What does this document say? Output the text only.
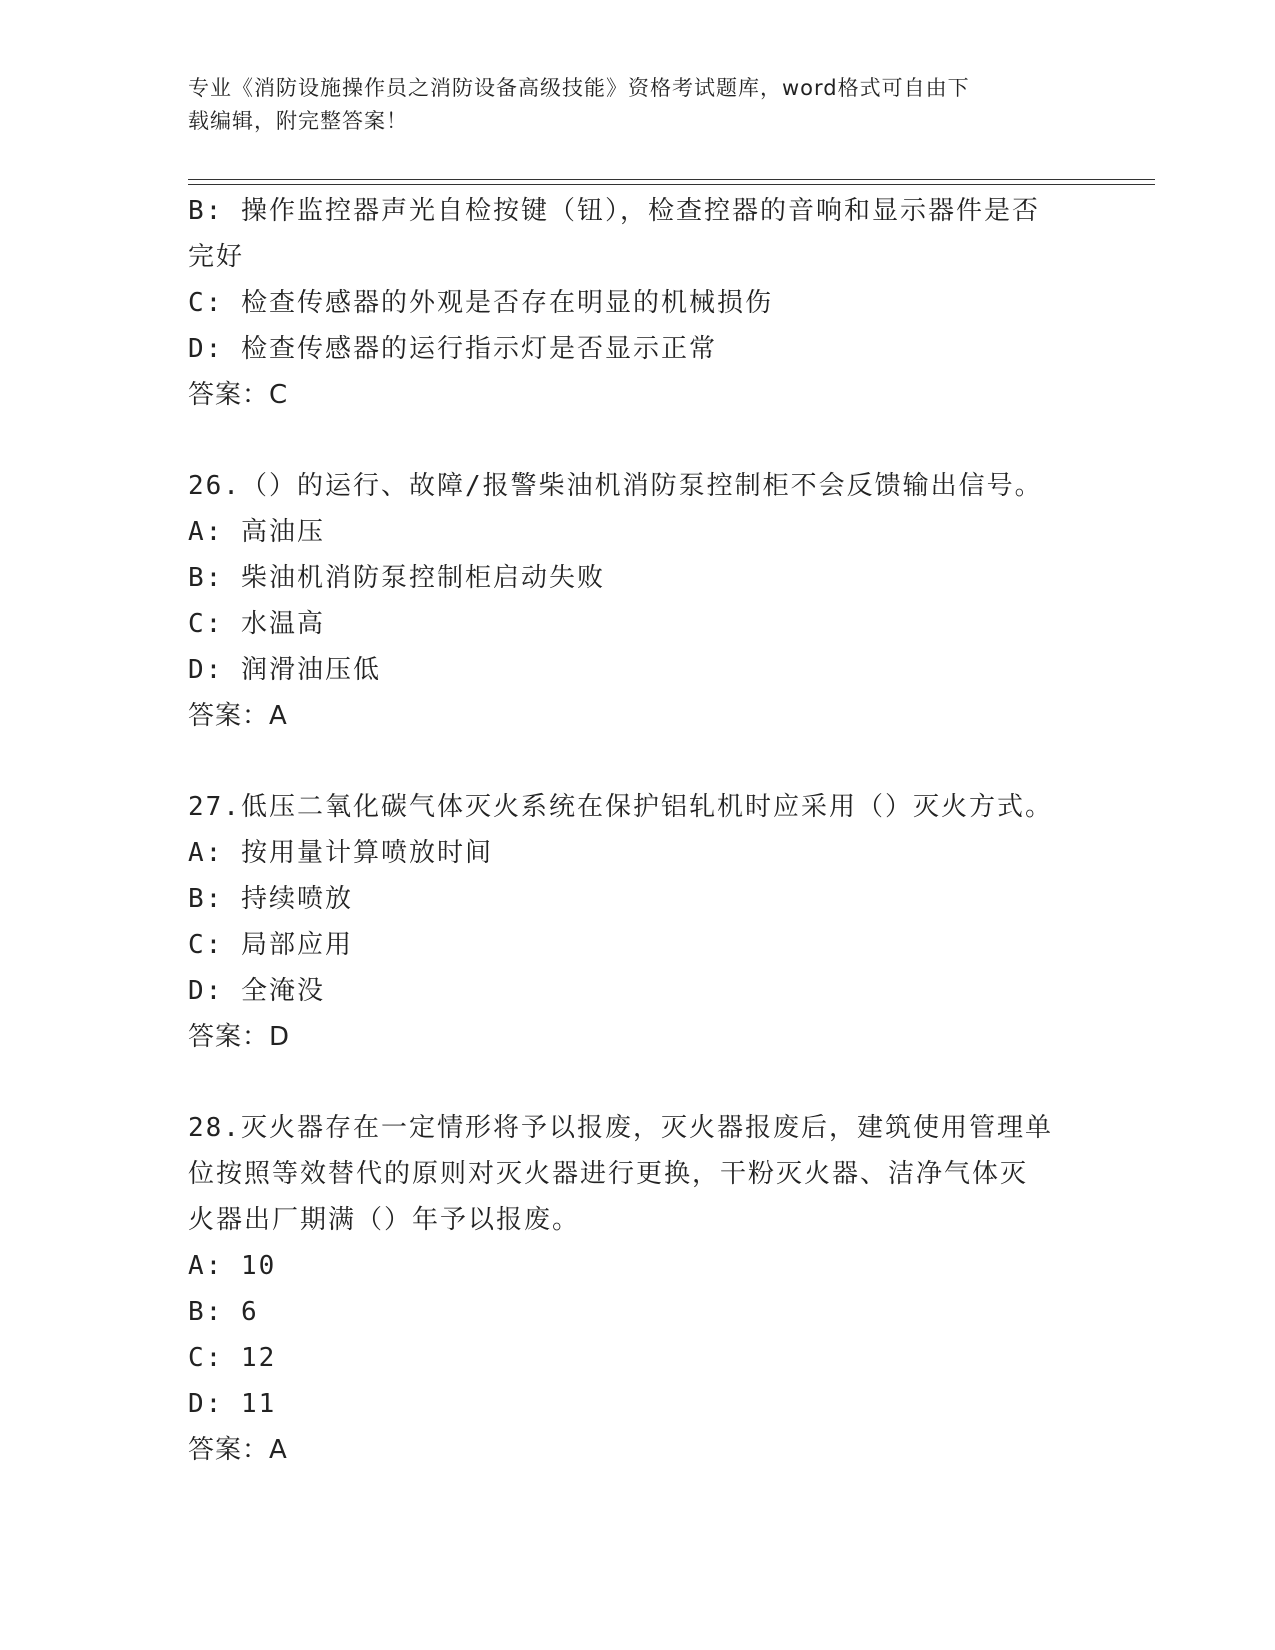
专业《消防设施操作员之消防设备高级技能》资格考试题库，word格式可自由下
载编辑，附完整答案！
B: 操作监控器声光自检按键（钮），检查控器的音响和显示器件是否
完好
C: 检查传感器的外观是否存在明显的机械损伤
D: 检查传感器的运行指示灯是否显示正常
答案：C
26.（）的运行、故障/报警柴油机消防泵控制柜不会反馈输出信号。
A: 高油压
B: 柴油机消防泵控制柜启动失败
C: 水温高
D: 润滑油压低
答案：A
27.低压二氧化碳气体灭火系统在保护铝轧机时应采用（）灭火方式。
A: 按用量计算喷放时间
B: 持续喷放
C: 局部应用
D: 全淹没
答案：D
28.灭火器存在一定情形将予以报废，灭火器报废后，建筑使用管理单
位按照等效替代的原则对灭火器进行更换，干粉灭火器、洁净气体灭
火器出厂期满（）年予以报废。
A: 10
B: 6
C: 12
D: 11
答案：A
